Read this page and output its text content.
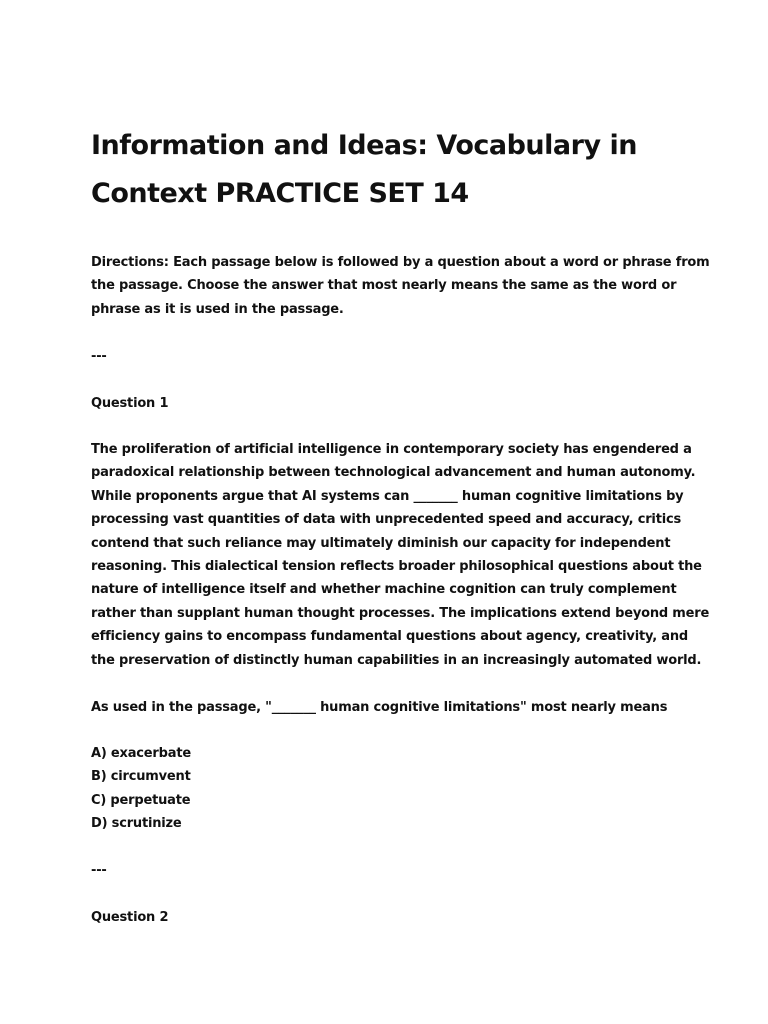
Information and Ideas: Vocabulary in
Context PRACTICE SET 14

Directions: Each passage below is followed by a question about a word or phrase from
the passage. Choose the answer that most nearly means the same as the word or
phrase as it is used in the passage.

---

Question 1

The proliferation of artificial intelligence in contemporary society has engendered a
paradoxical relationship between technological advancement and human autonomy.
While proponents argue that AI systems can _______ human cognitive limitations by
processing vast quantities of data with unprecedented speed and accuracy, critics
contend that such reliance may ultimately diminish our capacity for independent
reasoning. This dialectical tension reflects broader philosophical questions about the
nature of intelligence itself and whether machine cognition can truly complement
rather than supplant human thought processes. The implications extend beyond mere
efficiency gains to encompass fundamental questions about agency, creativity, and
the preservation of distinctly human capabilities in an increasingly automated world.

As used in the passage, "_______ human cognitive limitations" most nearly means

A) exacerbate
B) circumvent
C) perpetuate
D) scrutinize

---

Question 2
